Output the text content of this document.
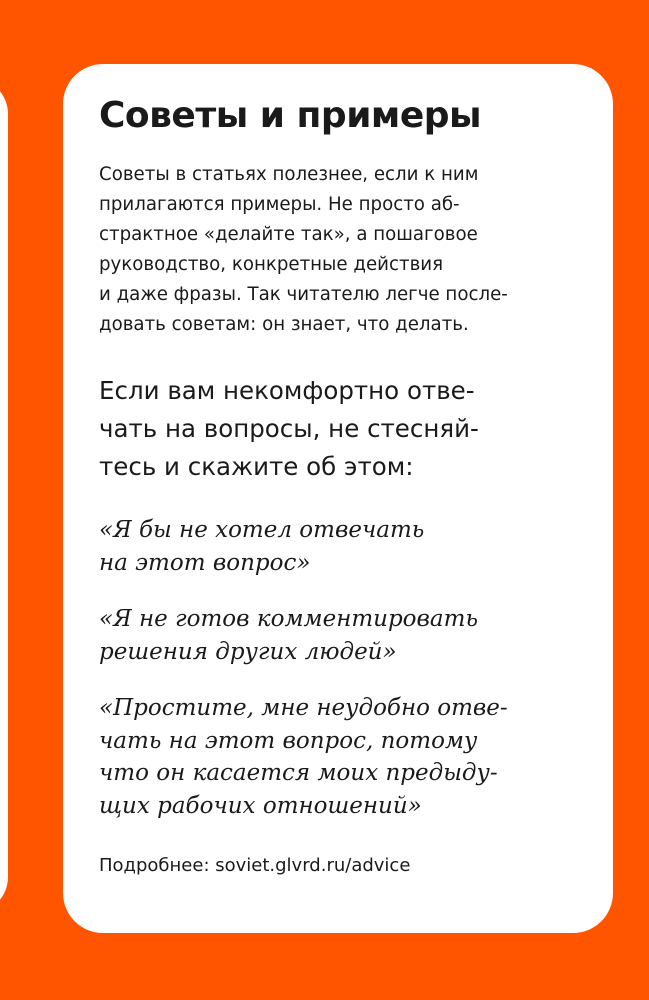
Советы и примеры

Советы в статьях полезнее, если к ним

прилагаются примеры. Не просто аб-

страктное «делайте так», а пошаговое

руководство, конкретные действия

и даже фразы. Так читателю легче после-

довать советам: он знает, что делать.

Если вам некомфортно отве-

чать на вопросы, не стесняй-

тесь и скажите об этом:

«Я бы не хотел отвечать

на этот вопрос»

«Я не готов комментировать

решения других людей»

«Простите, мне неудобно отве-

чать на этот вопрос, потому

что он касается моих предыду-

щих рабочих отношений»

Подробнее: soviet.glvrd.ru/advice
